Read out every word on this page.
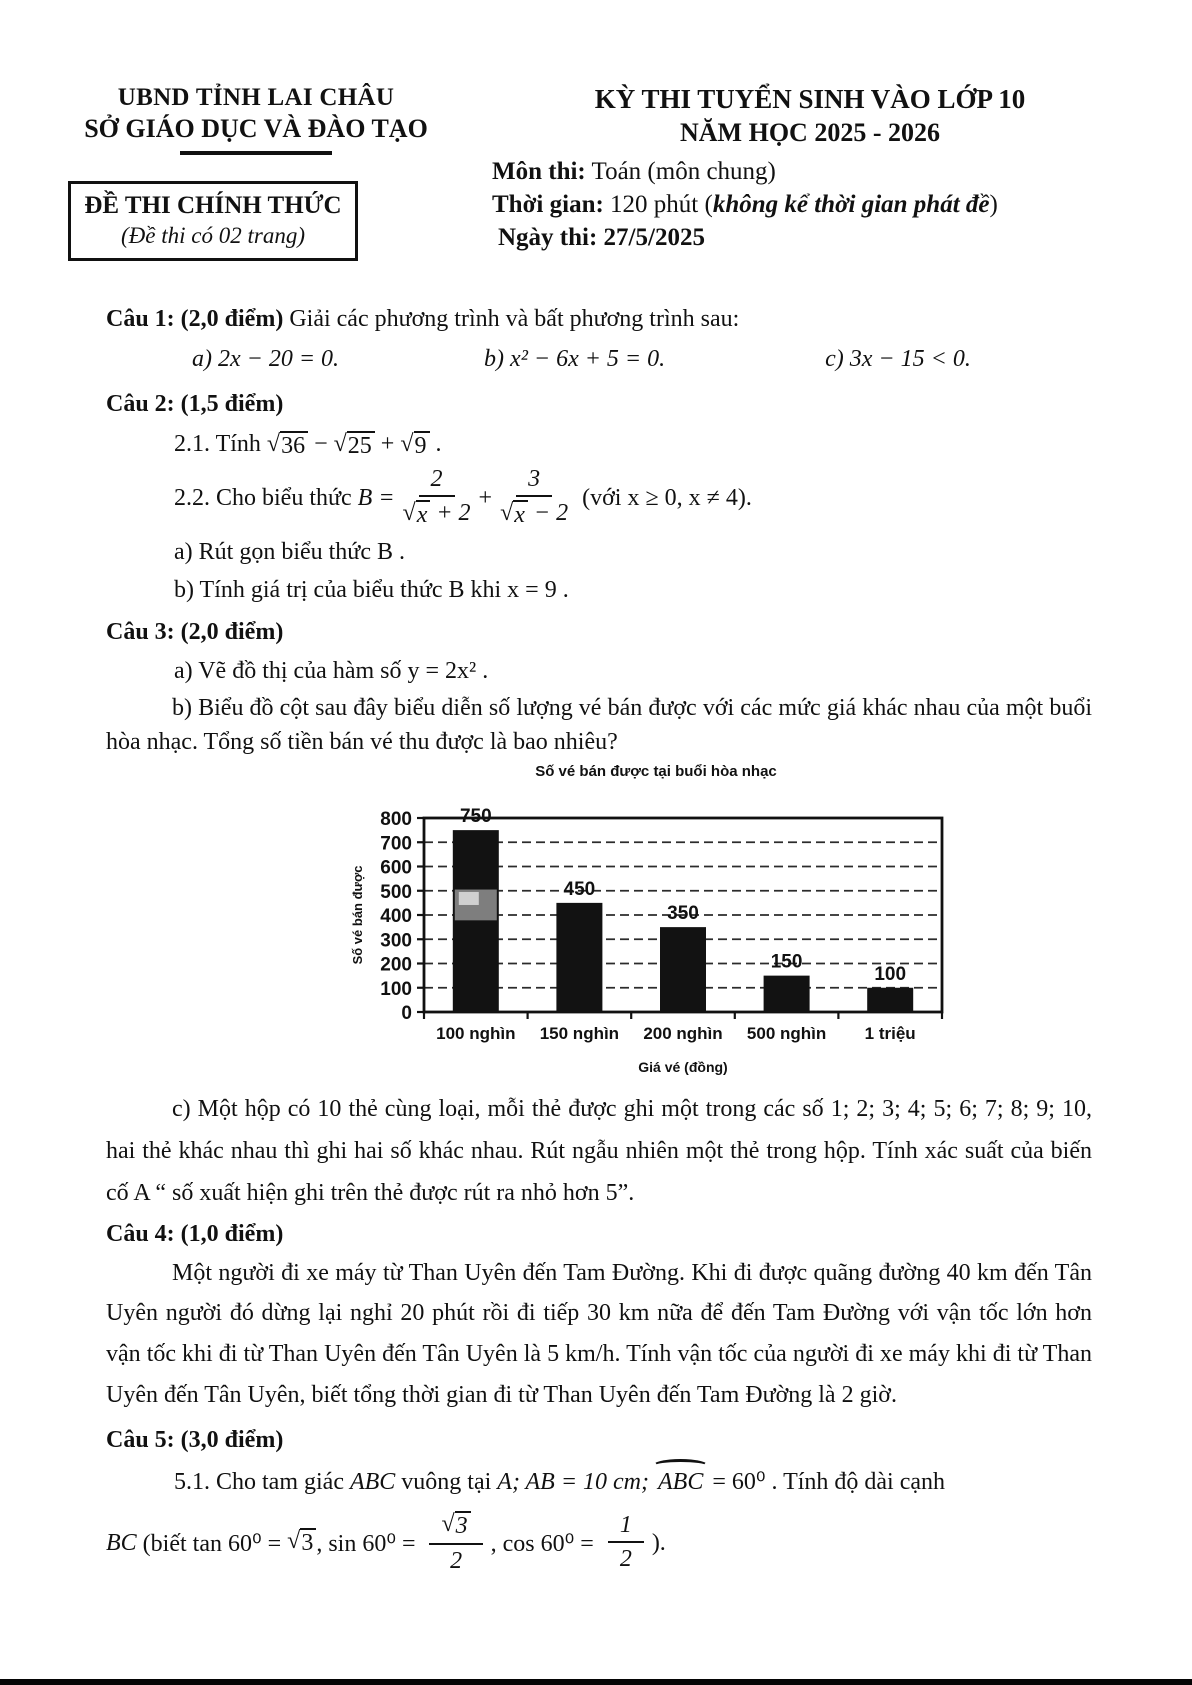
UBND TỈNH LAI CHÂU
SỞ GIÁO DỤC VÀ ĐÀO TẠO
ĐỀ THI CHÍNH THỨC
(Đề thi có 02 trang)
KỲ THI TUYỂN SINH VÀO LỚP 10
NĂM HỌC 2025 - 2026
Môn thi: Toán (môn chung)
Thời gian: 120 phút (không kể thời gian phát đề)
Ngày thi: 27/5/2025
Câu 1: (2,0 điểm) Giải các phương trình và bất phương trình sau:
a) 2x − 20 = 0.	b) x² − 6x + 5 = 0.	c) 3x − 15 < 0.
Câu 2: (1,5 điểm)
2.1. Tính √ 36 − √ 25 + √ 9 .
2.2. Cho biểu thức $B = \frac{2}{√ x + 2} + \frac{3}{√ x - 2}$ (với x ≥ 0, x ≠ 4).
a) Rút gọn biểu thức B .
b) Tính giá trị của biểu thức B khi x = 9 .
Câu 3: (2,0 điểm)
a) Vẽ đồ thị của hàm số y = 2x² .
b) Biểu đồ cột sau đây biểu diễn số lượng vé bán được với các mức giá khác nhau của một buổi hòa nhạc. Tổng số tiền bán vé thu được là bao nhiêu?
Số vé bán được tại buổi hòa nhạc
0
100
200
300
400
500
600
700
800	750
100 nghìn
450
150 nghìn
350
200 nghìn
150
500 nghìn
100
1 triệu
Giá vé (đồng)
Số vé bán được
c) Một hộp có 10 thẻ cùng loại, mỗi thẻ được ghi một trong các số 1; 2; 3; 4; 5; 6; 7; 8; 9; 10, hai thẻ khác nhau thì ghi hai số khác nhau. Rút ngẫu nhiên một thẻ trong hộp. Tính xác suất của biến cố A “ số xuất hiện ghi trên thẻ được rút ra nhỏ hơn 5”.
Câu 4: (1,0 điểm)
Một người đi xe máy từ Than Uyên đến Tam Đường. Khi đi được quãng đường 40 km đến Tân Uyên người đó dừng lại nghỉ 20 phút rồi đi tiếp 30 km nữa để đến Tam Đường với vận tốc lớn hơn vận tốc khi đi từ Than Uyên đến Tân Uyên là 5 km/h. Tính vận tốc của người đi xe máy khi đi từ Than Uyên đến Tân Uyên, biết tổng thời gian đi từ Than Uyên đến Tam Đường là 2 giờ.
Câu 5: (3,0 điểm)
5.1. Cho tam giác ABC vuông tại A; AB = 10 cm; ABC = 60⁰ . Tính độ dài cạnh
BC (biết tan 60⁰ = √ 3 , $\sin 60^0 = \frac{√ 3}{2}$ , $\cos 60^0 = \frac{1}{2}$ ).
